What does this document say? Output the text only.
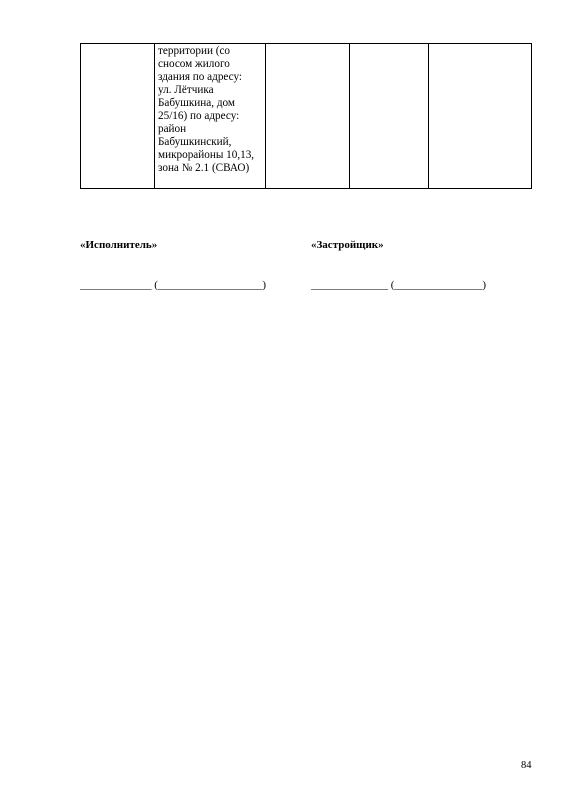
	территории (со
сносом жилого
здания по адресу:
ул. Лётчика
Бабушкина, дом
25/16) по адресу:
район
Бабушкинский,
микрорайоны 10,13,
зона № 2.1 (СВАО)			
«Исполнитель»	«Застройщик»
_____________ (___________________)	______________ (________________)
84
